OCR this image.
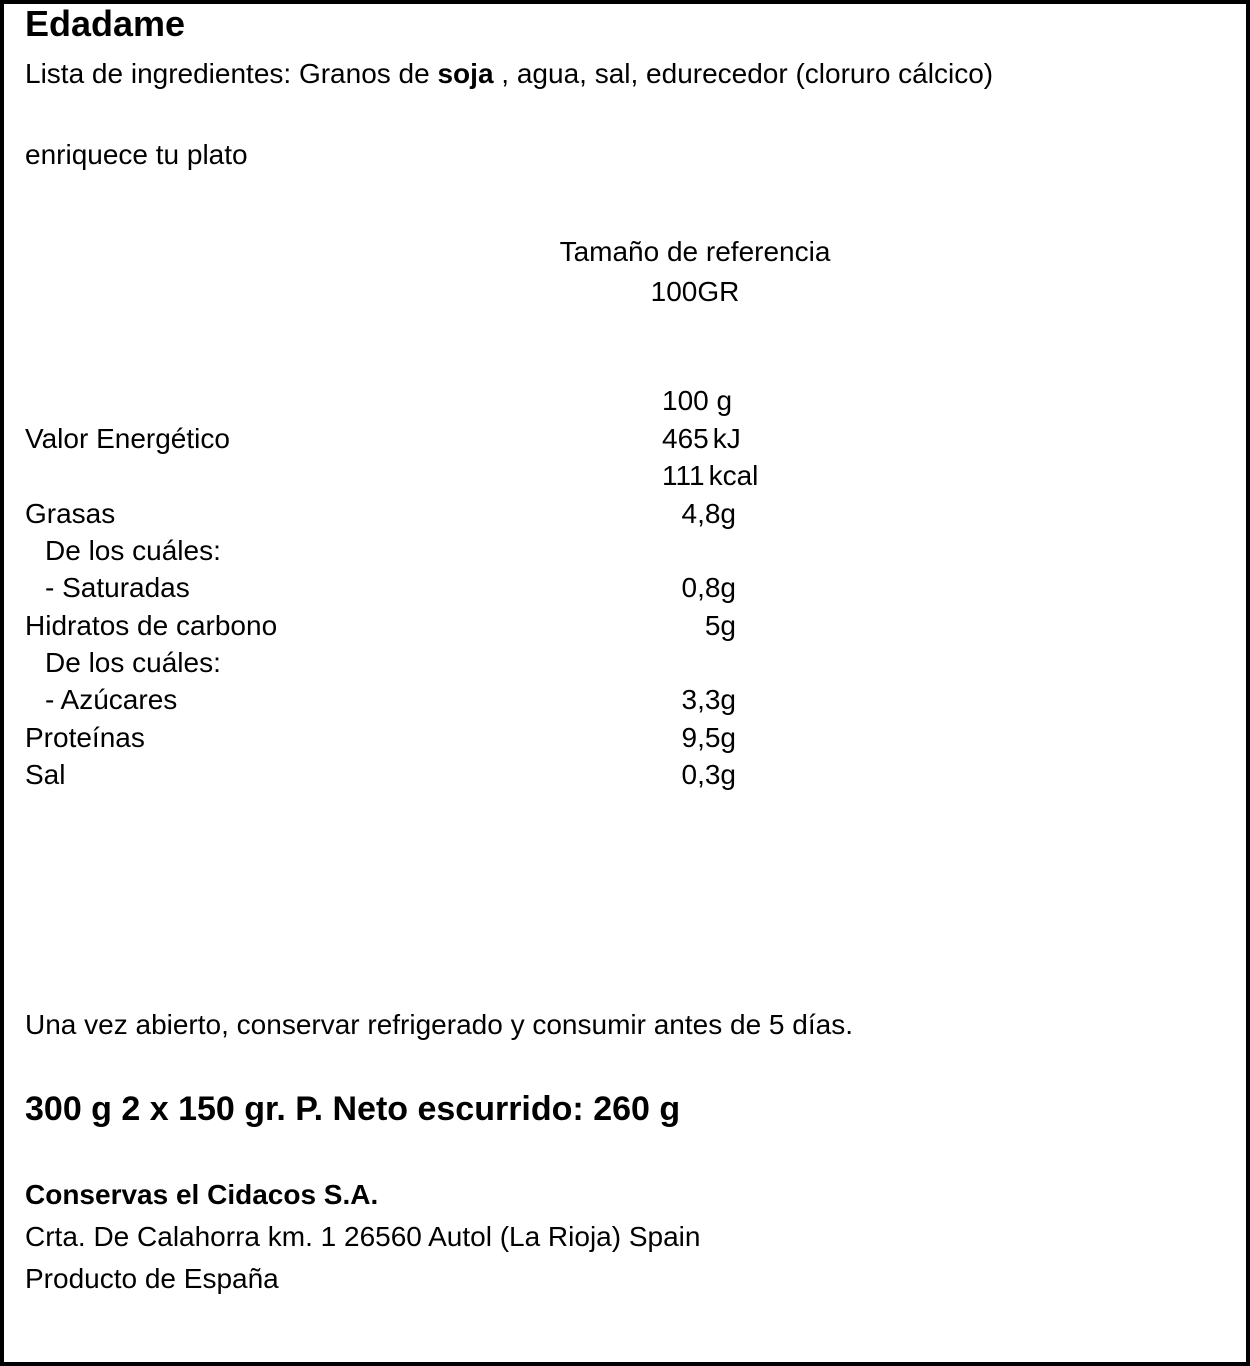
Edadame
Lista de ingredientes: Granos de soja , agua, sal, edurecedor (cloruro cálcico)
enriquece tu plato
Tamaño de referencia
100GR
100 g
Valor Energético	465 kJ
111 kcal
Grasas	4,8g
De los cuáles:
- Saturadas	0,8g
Hidratos de carbono	5g
De los cuáles:
- Azúcares	3,3g
Proteínas	9,5g
Sal	0,3g
Una vez abierto, conservar refrigerado y consumir antes de 5 días.
300 g 2 x 150 gr. P. Neto escurrido: 260 g
Conservas el Cidacos S.A.
Crta. De Calahorra km. 1 26560 Autol (La Rioja) Spain
Producto de España
